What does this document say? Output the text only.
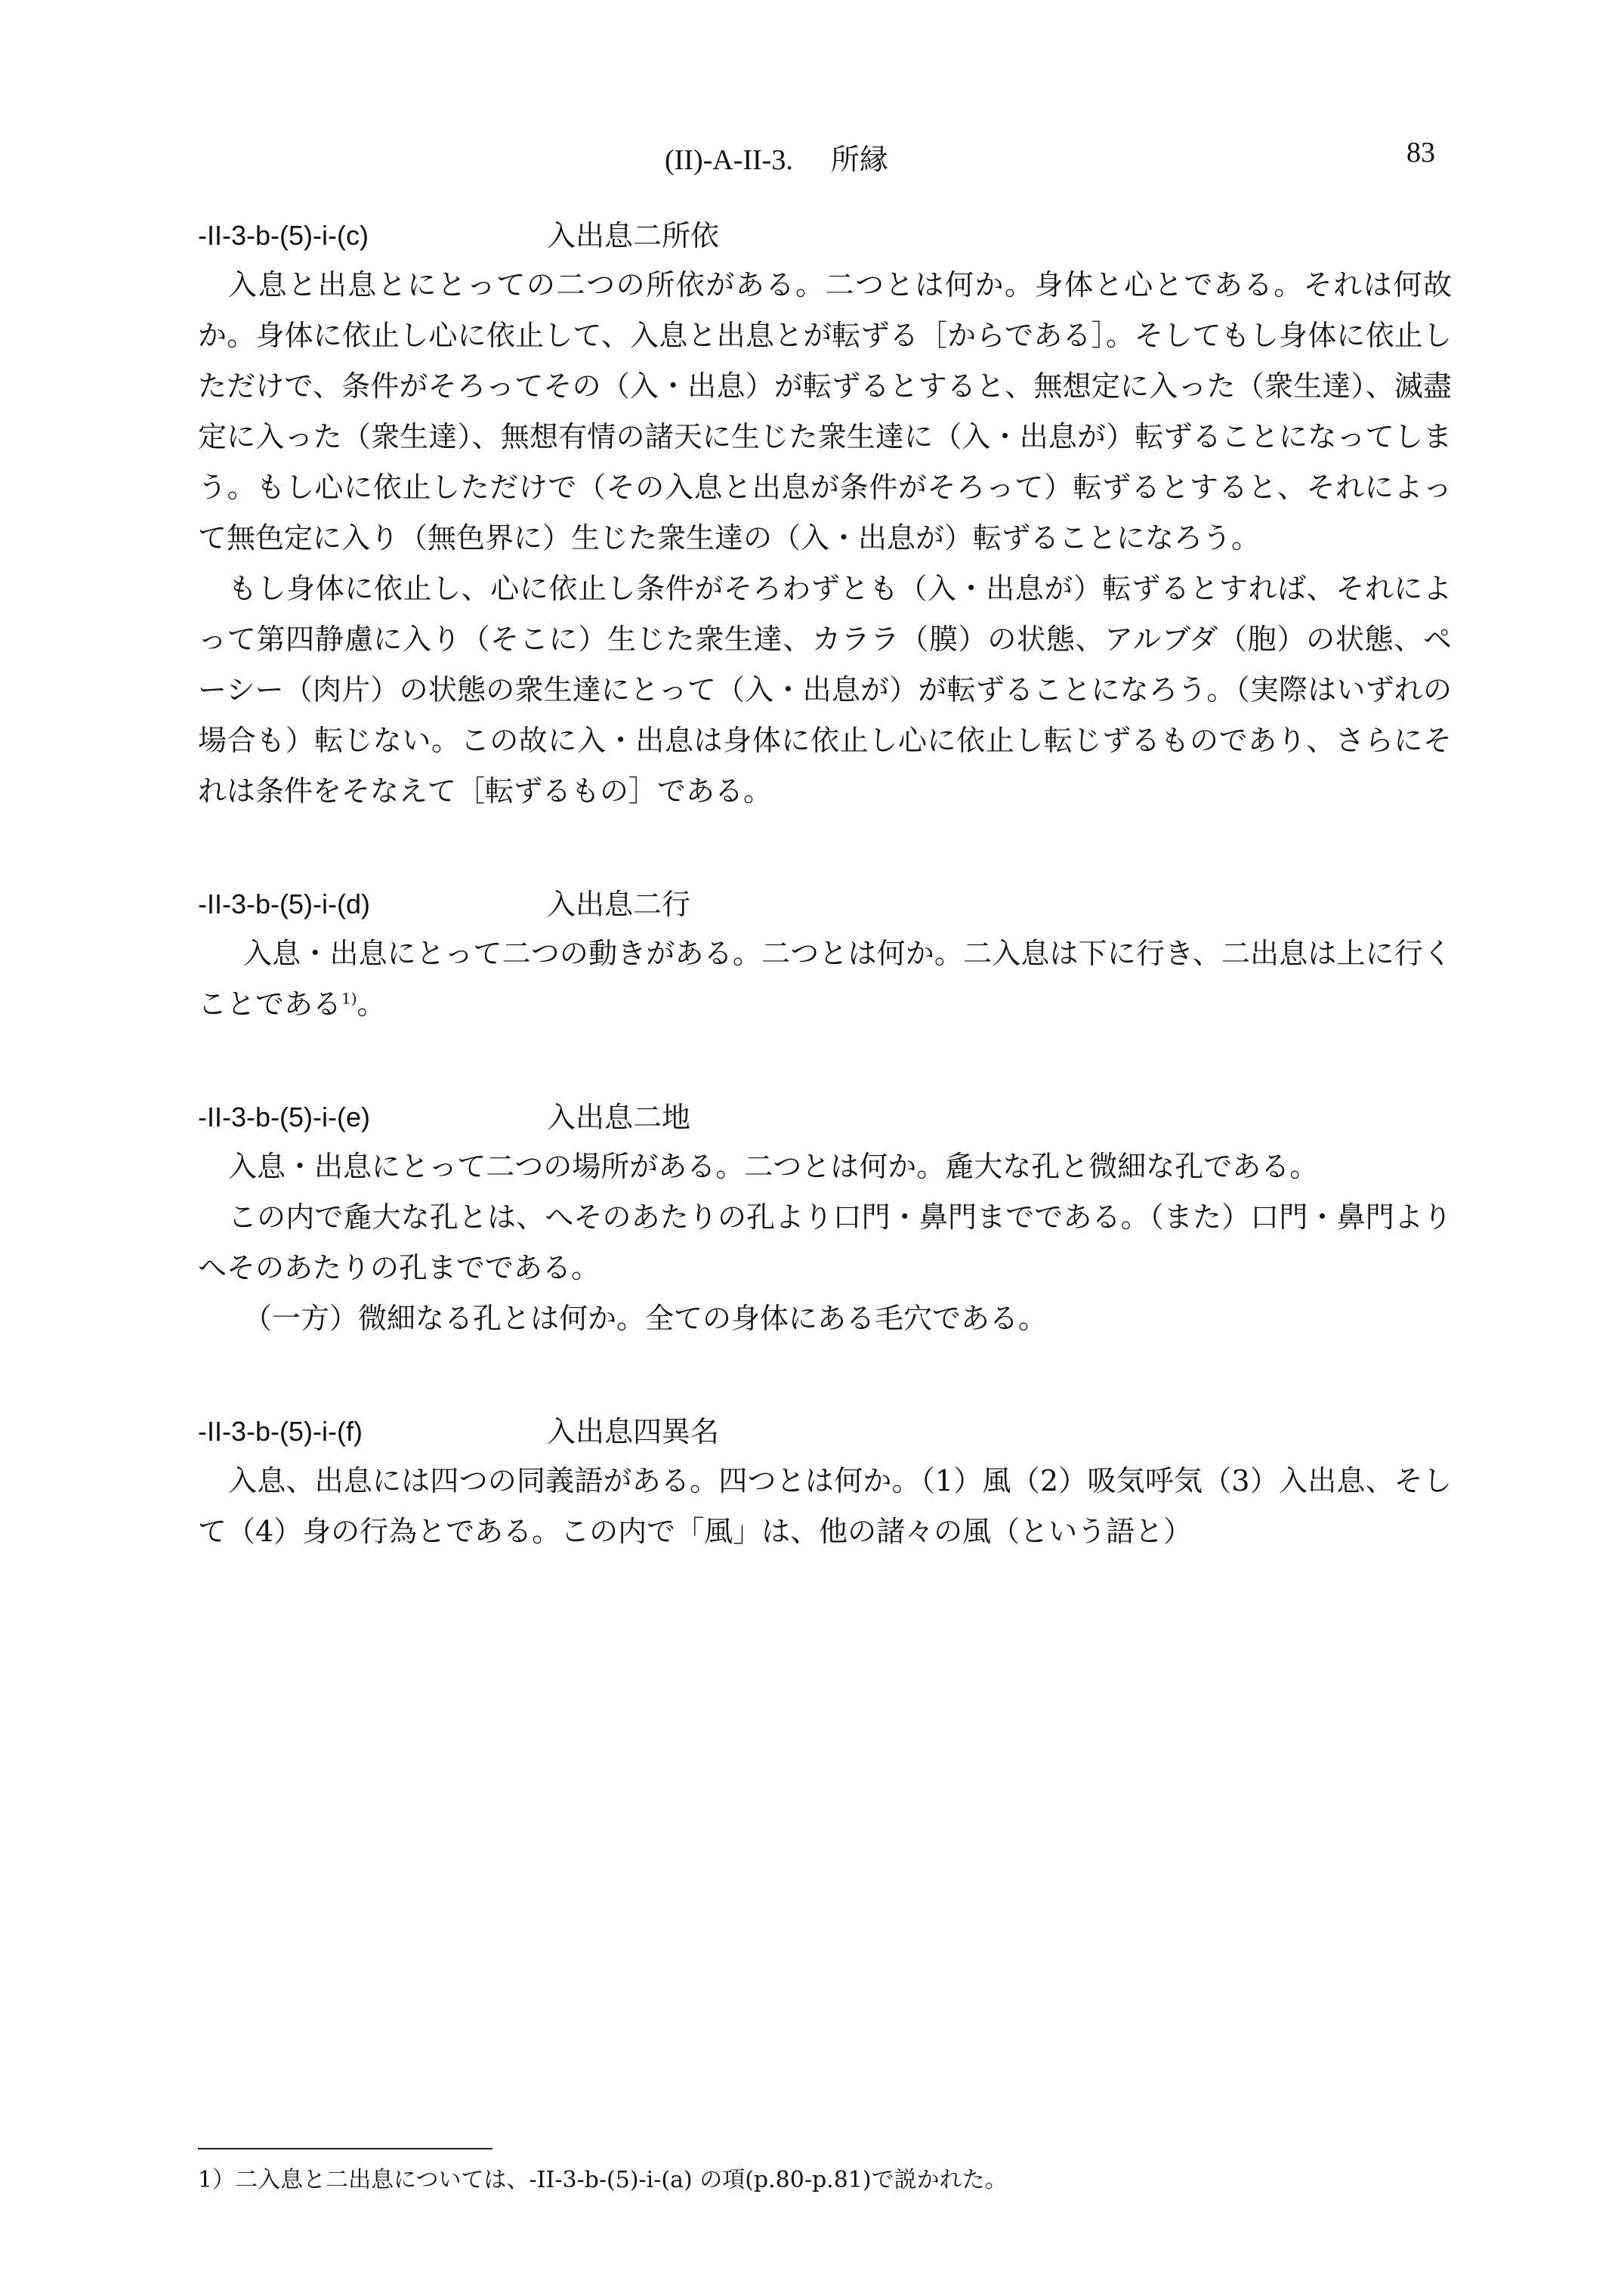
(II)-A-II-3. 所縁	83
-II-3-b-(5)-i-(c)	入出息二所依

入息と出息とにとっての二つの所依がある。二つとは何か。身体と心とである。それは何故か。身体に依止し心に依止して、入息と出息とが転ずる［からである］。そしてもし身体に依止しただけで、条件がそろってその（入・出息）が転ずるとすると、無想定に入った（衆生達）、滅盡定に入った（衆生達）、無想有情の諸天に生じた衆生達に（入・出息が）転ずることになってしまう。もし心に依止しただけで（その入息と出息が条件がそろって）転ずるとすると、それによって無色定に入り（無色界に）生じた衆生達の（入・出息が）転ずることになろう。

もし身体に依止し、心に依止し条件がそろわずとも（入・出息が）転ずるとすれば、それによって第四静慮に入り（そこに）生じた衆生達、カララ（膜）の状態、アルブダ（胞）の状態、ペーシー（肉片）の状態の衆生達にとって（入・出息が）が転ずることになろう。（実際はいずれの場合も）転じない。この故に入・出息は身体に依止し心に依止し転じずるものであり、さらにそれは条件をそなえて［転ずるもの］である。

-II-3-b-(5)-i-(d)	入出息二行

入息・出息にとって二つの動きがある。二つとは何か。二入息は下に行き、二出息は上に行くことである$^{1)}$。

-II-3-b-(5)-i-(e)	入出息二地

入息・出息にとって二つの場所がある。二つとは何か。麁大な孔と微細な孔である。

この内で麁大な孔とは、へそのあたりの孔より口門・鼻門までである。（また）口門・鼻門よりへそのあたりの孔までである。

（一方）微細なる孔とは何か。全ての身体にある毛穴である。

-II-3-b-(5)-i-(f)	入出息四異名

入息、出息には四つの同義語がある。四つとは何か。（1）風（2）吸気呼気（3）入出息、そして（4）身の行為とである。この内で「風」は、他の諸々の風（という語と）

1）二入息と二出息については、-II-3-b-(5)-i-(a) の項(p.80-p.81)で説かれた。
